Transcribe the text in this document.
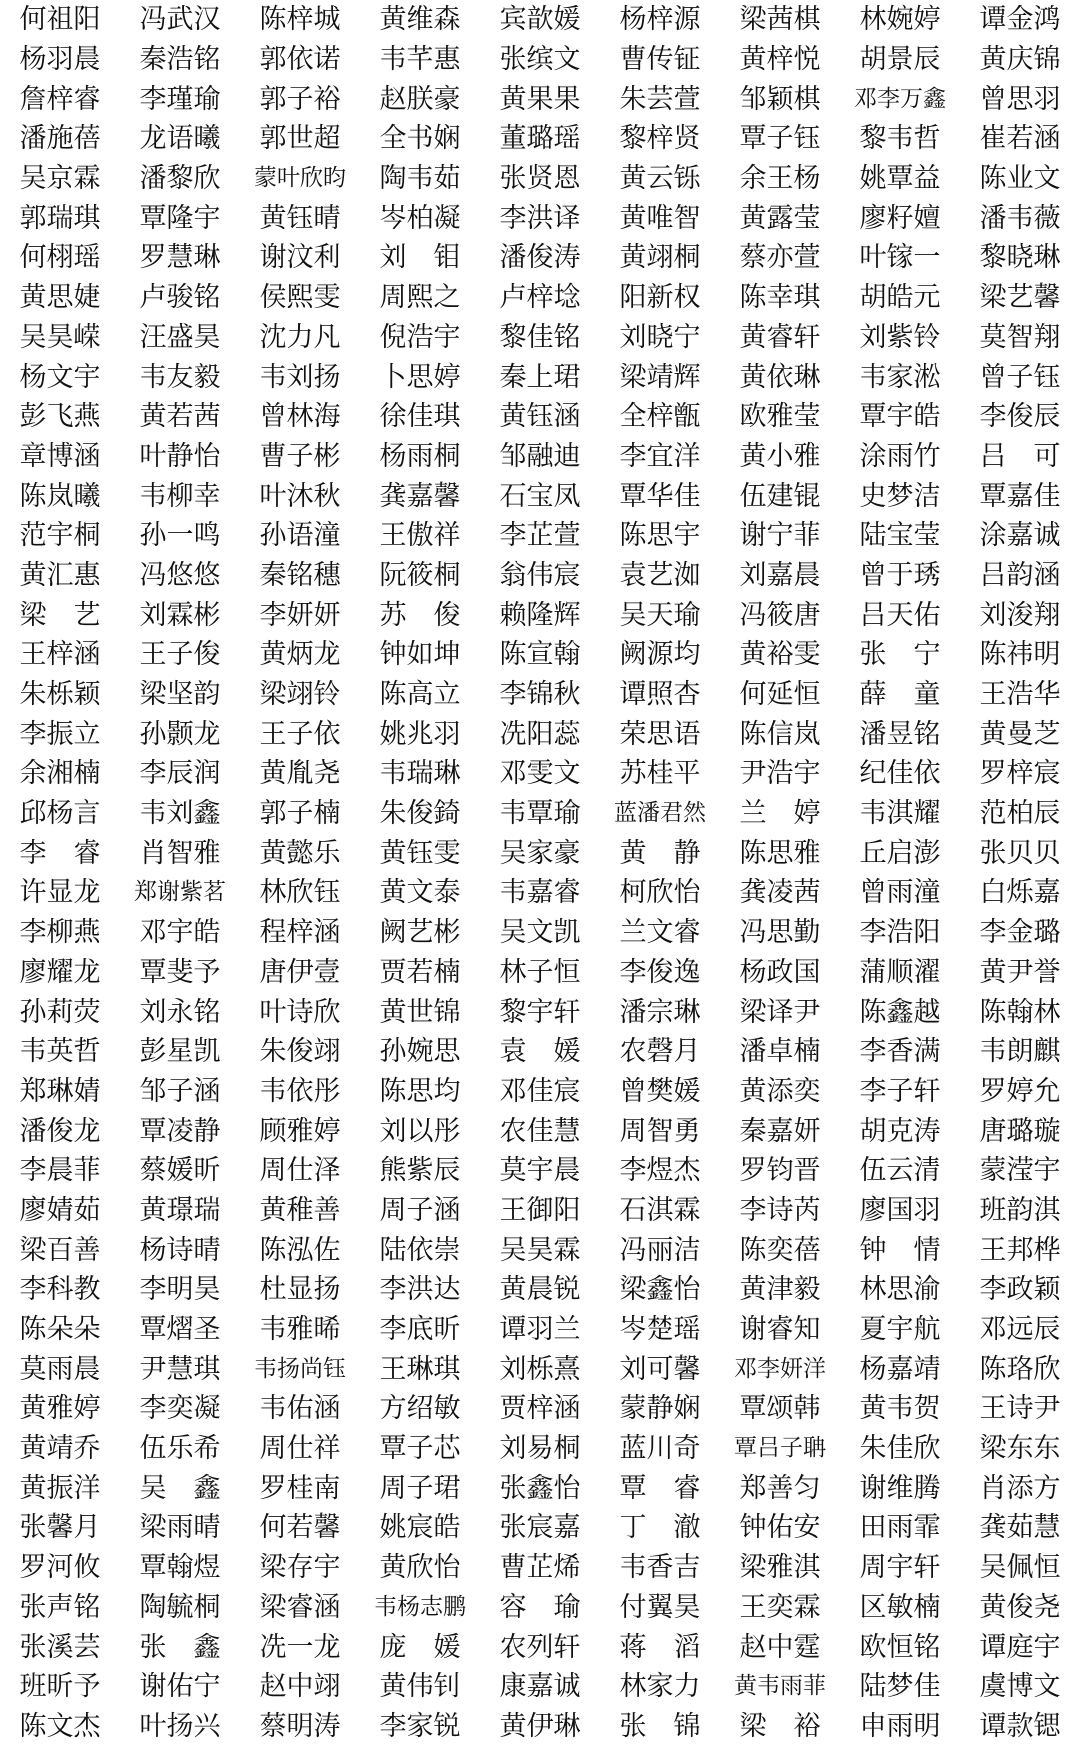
何祖阳	冯武汉	陈梓城	黄维森	宾歆媛	杨梓源	梁茜棋	林婉婷	谭金鸿
杨羽晨	秦浩铭	郭依诺	韦芊惠	张缤文	曹传钲	黄梓悦	胡景辰	黄庆锦
詹梓睿	李瑾瑜	郭子裕	赵朕豪	黄果果	朱芸萱	邹颖棋	邓李万鑫	曾思羽
潘施蓓	龙语曦	郭世超	全书娴	董璐瑶	黎梓贤	覃子钰	黎韦哲	崔若涵
吴京霖	潘黎欣	蒙叶欣昀	陶韦茹	张贤恩	黄云铄	余王杨	姚覃益	陈业文
郭瑞琪	覃隆宇	黄钰晴	岑柏凝	李洪译	黄唯智	黄露莹	廖籽嬗	潘韦薇
何栩瑶	罗慧琳	谢汶利	刘　钼	潘俊涛	黄翊桐	蔡亦萱	叶镓一	黎晓琳
黄思婕	卢骏铭	侯熙雯	周熙之	卢梓埝	阳新权	陈幸琪	胡皓元	梁艺馨
吴昊嵘	汪盛昊	沈力凡	倪浩宇	黎佳铭	刘晓宁	黄睿轩	刘紫铃	莫智翔
杨文宇	韦友毅	韦刘扬	卜思婷	秦上珺	梁靖辉	黄依琳	韦家淞	曾子钰
彭飞燕	黄若茜	曾林海	徐佳琪	黄钰涵	全梓甑	欧雅莹	覃宇皓	李俊辰
章博涵	叶静怡	曹子彬	杨雨桐	邹融迪	李宜洋	黄小雅	涂雨竹	吕　可
陈岚曦	韦柳幸	叶沐秋	龚嘉馨	石宝凤	覃华佳	伍建锟	史梦洁	覃嘉佳
范宇桐	孙一鸣	孙语潼	王傲祥	李芷萱	陈思宇	谢宁菲	陆宝莹	涂嘉诚
黄汇惠	冯悠悠	秦铭穗	阮筱桐	翁伟宸	袁艺洳	刘嘉晨	曾于琇	吕韵涵
梁　艺	刘霖彬	李妍妍	苏　俊	赖隆辉	吴天瑜	冯筱唐	吕天佑	刘浚翔
王梓涵	王子俊	黄炳龙	钟如坤	陈宣翰	阙源均	黄裕雯	张　宁	陈祎明
朱栎颖	梁坚韵	梁翊铃	陈高立	李锦秋	谭照杏	何延恒	薛　童	王浩华
李振立	孙颢龙	王子依	姚兆羽	冼阳蕊	荣思语	陈信岚	潘昱铭	黄曼芝
余湘楠	李辰润	黄胤尧	韦瑞琳	邓雯文	苏桂平	尹浩宇	纪佳依	罗梓宸
邱杨言	韦刘鑫	郭子楠	朱俊錡	韦覃瑜	蓝潘君然	兰　婷	韦淇耀	范柏辰
李　睿	肖智雅	黄懿乐	黄钰雯	吴家豪	黄　静	陈思雅	丘启澎	张贝贝
许显龙	郑谢紫茗	林欣钰	黄文泰	韦嘉睿	柯欣怡	龚凌茜	曾雨潼	白烁嘉
李柳燕	邓宇皓	程梓涵	阙艺彬	吴文凯	兰文睿	冯思勤	李浩阳	李金璐
廖耀龙	覃斐予	唐伊壹	贾若楠	林子恒	李俊逸	杨政国	蒲顺濯	黄尹誉
孙莉荧	刘永铭	叶诗欣	黄世锦	黎宇轩	潘宗琳	梁译尹	陈鑫越	陈翰林
韦英哲	彭星凯	朱俊翊	孙婉思	袁　媛	农磬月	潘卓楠	李香满	韦朗麒
郑琳婧	邹子涵	韦依彤	陈思均	邓佳宸	曾樊媛	黄添奕	李子轩	罗婷允
潘俊龙	覃凌静	顾雅婷	刘以彤	农佳慧	周智勇	秦嘉妍	胡克涛	唐璐璇
李晨菲	蔡媛昕	周仕泽	熊紫辰	莫宇晨	李煜杰	罗钧晋	伍云清	蒙滢宇
廖婧茹	黄璟瑞	黄稚善	周子涵	王御阳	石淇霖	李诗芮	廖国羽	班韵淇
梁百善	杨诗晴	陈泓佐	陆依崇	吴昊霖	冯丽洁	陈奕蓓	钟　情	王邦桦
李科教	李明昊	杜显扬	李洪达	黄晨锐	梁鑫怡	黄津毅	林思渝	李政颖
陈朵朵	覃熠圣	韦雅晞	李底昕	谭羽兰	岑楚瑶	谢睿知	夏宇航	邓远辰
莫雨晨	尹慧琪	韦扬尚钰	王琳琪	刘栎熹	刘可馨	邓李妍洋	杨嘉靖	陈珞欣
黄雅婷	李奕凝	韦佑涵	方绍敏	贾梓涵	蒙静娴	覃颂韩	黄韦贺	王诗尹
黄靖乔	伍乐希	周仕祥	覃子芯	刘易桐	蓝川奇	覃吕子聃	朱佳欣	梁东东
黄振洋	吴　鑫	罗桂南	周子珺	张鑫怡	覃　睿	郑善匀	谢维腾	肖添方
张馨月	梁雨晴	何若馨	姚宸皓	张宸嘉	丁　澈	钟佑安	田雨霏	龚茹慧
罗河攸	覃翰煜	梁存宇	黄欣怡	曹芷烯	韦香吉	梁雅淇	周宇轩	吴佩恒
张声铭	陶毓桐	梁睿涵	韦杨志鹏	容　瑜	付翼昊	王奕霖	区敏楠	黄俊尧
张溪芸	张　鑫	冼一龙	庞　媛	农列轩	蒋　滔	赵中霆	欧恒铭	谭庭宇
班昕予	谢佑宁	赵中翊	黄伟钊	康嘉诚	林家力	黄韦雨菲	陆梦佳	虞博文
陈文杰	叶扬兴	蔡明涛	李家锐	黄伊琳	张　锦	梁　裕	申雨明	谭款锶
